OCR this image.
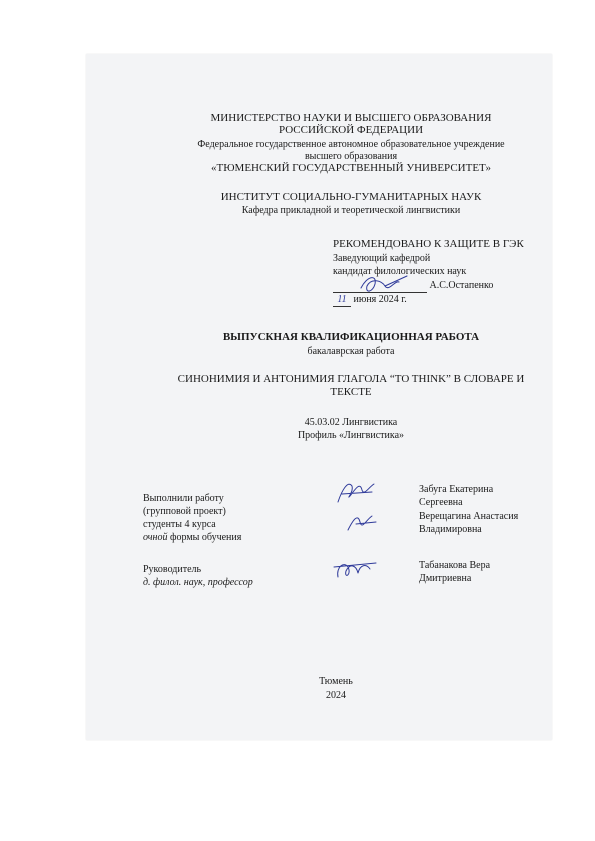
МИНИСТЕРСТВО НАУКИ И ВЫСШЕГО ОБРАЗОВАНИЯ
РОССИЙСКОЙ ФЕДЕРАЦИИ
Федеральное государственное автономное образовательное учреждение
высшего образования
«ТЮМЕНСКИЙ ГОСУДАРСТВЕННЫЙ УНИВЕРСИТЕТ»
ИНСТИТУТ СОЦИАЛЬНО-ГУМАНИТАРНЫХ НАУК
Кафедра прикладной и теоретической лингвистики
РЕКОМЕНДОВАНО К ЗАЩИТЕ В ГЭК
Заведующий кафедрой
кандидат филологических наук
А.С.Остапенко
11 июня 2024 г.
ВЫПУСКНАЯ КВАЛИФИКАЦИОННАЯ РАБОТА
бакалаврская работа
СИНОНИМИЯ И АНТОНИМИЯ ГЛАГОЛА “TO THINK” В СЛОВАРЕ И
ТЕКСТЕ
45.03.02 Лингвистика
Профиль «Лингвистика»
Выполнили работу
(групповой проект)
студенты 4 курса
очной формы обучения
Забуга Екатерина
Сергеевна
Верещагина Анастасия
Владимировна
Руководитель
д. филол. наук, профессор
Табанакова Вера
Дмитриевна
Тюмень
2024
